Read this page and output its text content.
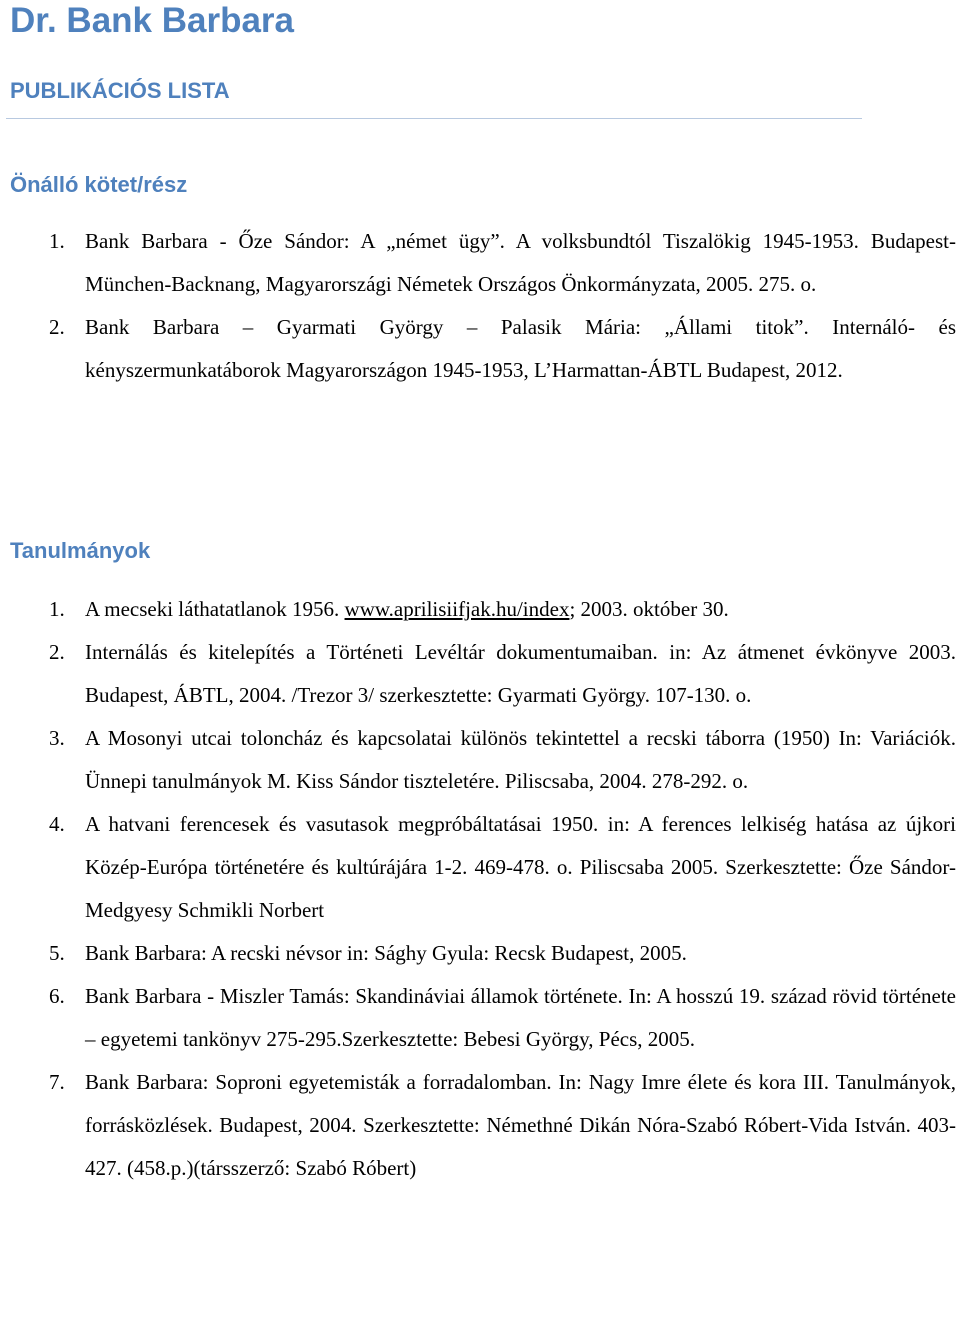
Dr. Bank Barbara
PUBLIKÁCIÓS LISTA
Önálló kötet/rész
1. Bank Barbara - Őze Sándor: A „német ügy”. A volksbundtól Tiszalökig 1945-1953. Budapest-München-Backnang, Magyarországi Németek Országos Önkormányzata, 2005. 275. o.
2. Bank Barbara – Gyarmati György – Palasik Mária: „Állami titok”. Internáló- és kényszermunkatáborok Magyarországon 1945-1953, L’Harmattan-ÁBTL Budapest, 2012.
Tanulmányok
1. A mecseki láthatatlanok 1956. www.aprilisiifjak.hu/index; 2003. október 30.
2. Internálás és kitelepítés a Történeti Levéltár dokumentumaiban. in: Az átmenet évkönyve 2003. Budapest, ÁBTL, 2004. /Trezor 3/ szerkesztette: Gyarmati György. 107-130. o.
3. A Mosonyi utcai toloncház és kapcsolatai különös tekintettel a recski táborra (1950) In: Variációk. Ünnepi tanulmányok M. Kiss Sándor tiszteletére. Piliscsaba, 2004. 278-292. o.
4. A hatvani ferencesek és vasutasok megpróbáltatásai 1950. in: A ferences lelkiség hatása az újkori Közép-Európa történetére és kultúrájára 1-2. 469-478. o. Piliscsaba 2005. Szerkesztette: Őze Sándor-Medgyesy Schmikli Norbert
5. Bank Barbara: A recski névsor in: Sághy Gyula: Recsk Budapest, 2005.
6. Bank Barbara - Miszler Tamás: Skandináviai államok története. In: A hosszú 19. század rövid története – egyetemi tankönyv 275-295.Szerkesztette: Bebesi György, Pécs, 2005.
7. Bank Barbara: Soproni egyetemisták a forradalomban. In: Nagy Imre élete és kora III. Tanulmányok, forrásközlések. Budapest, 2004. Szerkesztette: Némethné Dikán Nóra-Szabó Róbert-Vida István. 403-427. (458.p.)(társszerző: Szabó Róbert)
